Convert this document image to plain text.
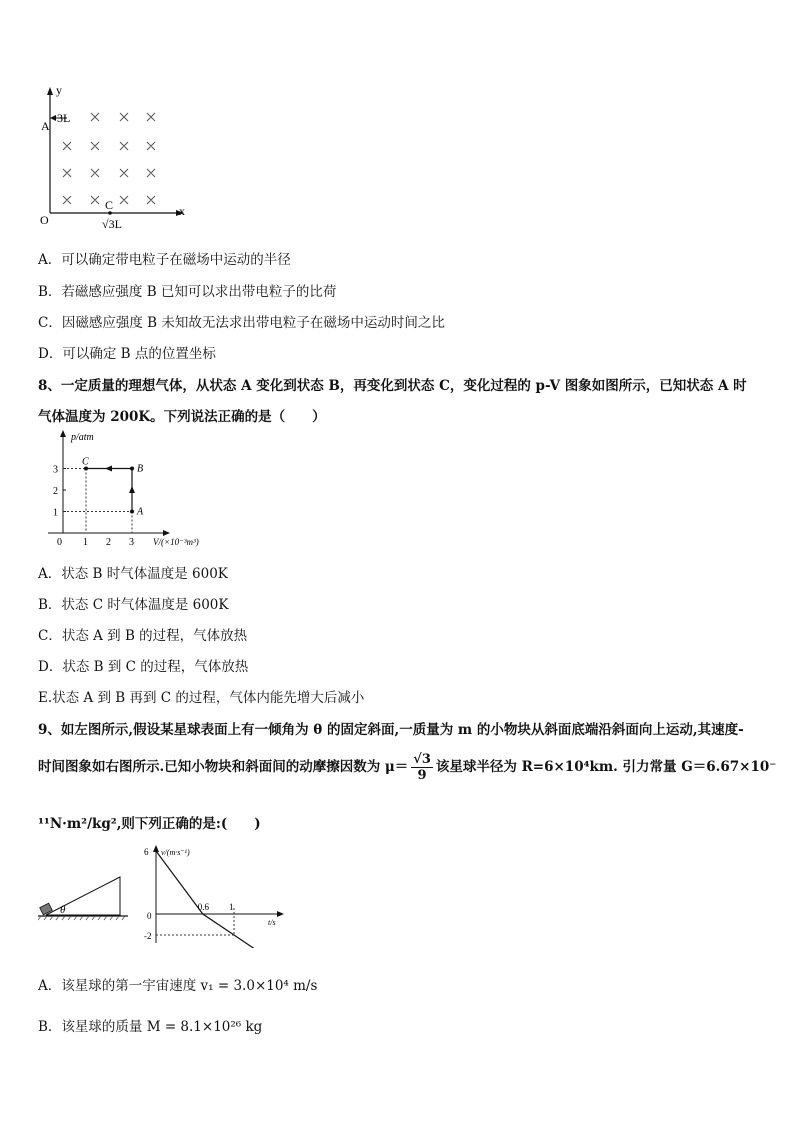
y
x
3L
A
O
C
√3L
A．可以确定带电粒子在磁场中运动的半径
B．若磁感应强度 B 已知可以求出带电粒子的比荷
C．因磁感应强度 B 未知故无法求出带电粒子在磁场中运动时间之比
D．可以确定 B 点的位置坐标
8、一定质量的理想气体，从状态 A 变化到状态 B，再变化到状态 C，变化过程的 p-V 图象如图所示，已知状态 A 时
气体温度为 200K。下列说法正确的是（　　）
0 1 2 3
1
2
3
A
B
C
p/atm
V/(×10⁻³m³)
A．状态 B 时气体温度是 600K
B．状态 C 时气体温度是 600K
C．状态 A 到 B 的过程，气体放热
D．状态 B 到 C 的过程，气体放热
E.状态 A 到 B 再到 C 的过程，气体内能先增大后减小
9、如左图所示,假设某星球表面上有一倾角为 θ 的固定斜面,一质量为 m 的小物块从斜面底端沿斜面向上运动,其速度-
时间图象如右图所示.已知小物块和斜面间的动摩擦因数为 $\mu= \frac{√3}{9}$ 该星球半径为 R=6×10⁴km. 引力常量 G＝6.67×10⁻
¹¹N·m²/kg²,则下列正确的是:(　　)
θ
6
-2
0
0.6 1
v/(m·s⁻¹)
t/s
A．该星球的第一宇宙速度 v₁ = 3.0×10⁴ m/s
B．该星球的质量 M = 8.1×10²⁶ kg
